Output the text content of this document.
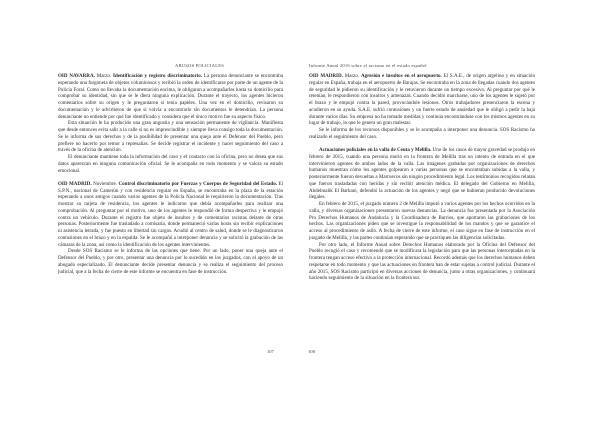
ABUSOS POLICIALES

OID NAVARRA. Marzo. Identificación y registro discriminatorio. La persona denunciante se encontraba esperando una furgoneta de objetos voluminosos y recibió la orden de identificarse por parte de un agente de la Policía Foral. Como no llevaba la documentación encima, le obligaron a acompañarles hasta su domicilio para comprobar su identidad, sin que se le diera ninguna explicación. Durante el trayecto, los agentes hicieron comentarios sobre su origen y le preguntaron si tenía papeles. Una vez en el domicilio, revisaron su documentación y le advirtieron de que si volvía a encontrarlo sin documentos le detendrían. La persona denunciante no entiende por qué fue identificado y considera que el único motivo fue su aspecto físico.

Esta situación le ha producido una gran angustia y una sensación permanente de vigilancia. Manifiesta que desde entonces evita salir a la calle si no es imprescindible y siempre lleva consigo toda la documentación. Se le informa de sus derechos y de la posibilidad de presentar una queja ante el Defensor del Pueblo, pero prefiere no hacerlo por temor a represalias. Se decide registrar el incidente y hacer seguimiento del caso a través de la oficina de atención.

El denunciante mantiene toda la información del caso y el contacto con la oficina, pero no desea que sus datos aparezcan en ninguna comunicación oficial. Se le acompaña en todo momento y se valora su estado emocional.

OID MADRID. Noviembre. Control discriminatorio por Fuerzas y Cuerpos de Seguridad del Estado. El S.P.N., nacional de Camerún y con residencia regular en España, se encontraba en la plaza de la estación esperando a unos amigos cuando varios agentes de la Policía Nacional le requirieron la documentación. Tras mostrar su tarjeta de residencia, los agentes le indicaron que debía acompañarles para realizar una comprobación. Al preguntar por el motivo, uno de los agentes le respondió de forma despectiva y le empujó contra un vehículo. Durante el registro fue objeto de insultos y de comentarios racistas delante de otras personas. Posteriormente fue trasladado a comisaría, donde permaneció varias horas sin recibir explicaciones ni asistencia letrada, y fue puesto en libertad sin cargos. Acudió al centro de salud, donde se le diagnosticaron contusiones en el brazo y en la espalda. Se le acompañó a interponer denuncia y se solicitó la grabación de las cámaras de la zona, así como la identificación de los agentes intervinientes.

Desde SOS Racismo se le informa de las opciones que tiene. Por un lado, poner una queja ante el Defensor del Pueblo, y por otro, presentar una denuncia por lo sucedido en los juzgados, con el apoyo de un abogado especializado. El denunciante decide presentar denuncia y se realiza el seguimiento del proceso judicial, que a la fecha de cierre de este informe se encuentra en fase de instrucción.

107
Informe Anual 2016 sobre el racismo en el estado español

OID MADRID. Marzo. Agresión e insultos en el aeropuerto. El S.A.E., de origen argelino y en situación regular en España, trabaja en el aeropuerto de Barajas. Se encontraba en la zona de llegadas cuando dos agentes de seguridad le pidieron su identificación y le retuvieron durante un tiempo excesivo. Al preguntar por qué le retenían, le respondieron con insultos y amenazas. Cuando decidió marcharse, uno de los agentes le sujetó por el brazo y le empujó contra la pared, provocándole lesiones. Otros trabajadores presenciaron la escena y acudieron en su ayuda. S.A.E. sufrió contusiones y un fuerte estado de ansiedad que le obligó a pedir la baja durante varios días. Su empresa no ha tomado medidas y continúa encontrándose con los mismos agentes en su lugar de trabajo, lo que le genera un gran malestar.

Se le informa de los recursos disponibles y se le acompaña a interponer una denuncia. SOS Racismo ha realizado el seguimiento del caso.

Actuaciones policiales en la valla de Ceuta y Melilla. Uno de los casos de mayor gravedad se produjo en febrero de 2015, cuando una persona murió en la frontera de Melilla tras un intento de entrada en el que intervinieron agentes de ambos lados de la valla. Las imágenes grabadas por organizaciones de derechos humanos muestran cómo los agentes golpearon a varias personas que se encontraban subidas a la valla, y posteriormente fueron devueltas a Marruecos sin ningún procedimiento legal. Los testimonios recogidos relatan que fueron trasladadas con heridas y sin recibir atención médica. El delegado del Gobierno en Melilla, Abdelmalik El Barkani, defendió la actuación de los agentes y negó que se hubieran producido devoluciones ilegales.

En febrero de 2015, el juzgado número 2 de Melilla imputó a varios agentes por los hechos ocurridos en la valla, y diversas organizaciones presentaron nuevas denuncias. La denuncia fue presentada por la Asociación Pro Derechos Humanos de Andalucía y la Coordinadora de Barrios, que aportaron las grabaciones de los hechos. Las organizaciones piden que se investigue la responsabilidad de los mandos y que se garantice el acceso al procedimiento de asilo. A fecha de cierre de este informe, el caso sigue en fase de instrucción en el juzgado de Melilla, y las partes continúan esperando que se practiquen las diligencias solicitadas.

Por otro lado, el Informe Anual sobre Derechos Humanos elaborado por la Oficina del Defensor del Pueblo recogió el caso y recomendó que se modificara la legislación para que las personas interceptadas en la frontera tengan acceso efectivo a la protección internacional. Recordó además que los derechos humanos deben respetarse en todo momento y que las actuaciones en frontera han de estar sujetas a control judicial. Durante el año 2015, SOS Racismo participó en diversas acciones de denuncia, junto a otras organizaciones, y continuará haciendo seguimiento de la situación en la frontera sur.

108
